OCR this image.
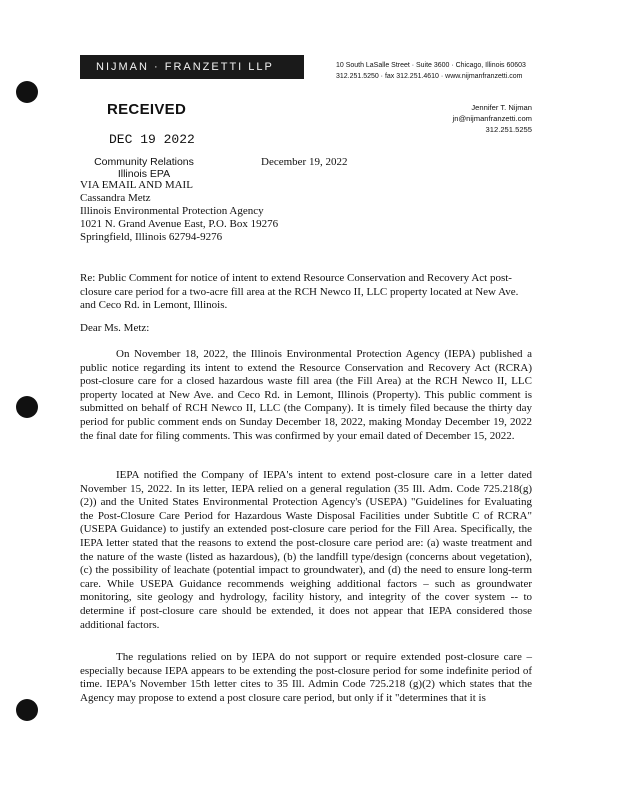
NIJMAN · FRANZETTI LLP	10 South LaSalle Street · Suite 3600 · Chicago, Illinois 60603
312.251.5250 · fax 312.251.4610 · www.nijmanfranzetti.com
Jennifer T. Nijman
jn@nijmanfranzetti.com
312.251.5255
RECEIVED
DEC 19 2022
Community Relations
Illinois EPA
December 19, 2022
VIA EMAIL AND MAIL
Cassandra Metz
Illinois Environmental Protection Agency
1021 N. Grand Avenue East, P.O. Box 19276
Springfield, Illinois 62794-9276

Re: Public Comment for notice of intent to extend Resource Conservation and Recovery Act post-closure care period for a two-acre fill area at the RCH Newco II, LLC property located at New Ave. and Ceco Rd. in Lemont, Illinois.

Dear Ms. Metz:

On November 18, 2022, the Illinois Environmental Protection Agency (IEPA) published a public notice regarding its intent to extend the Resource Conservation and Recovery Act (RCRA) post-closure care for a closed hazardous waste fill area (the Fill Area) at the RCH Newco II, LLC property located at New Ave. and Ceco Rd. in Lemont, Illinois (Property). This public comment is submitted on behalf of RCH Newco II, LLC (the Company). It is timely filed because the thirty day period for public comment ends on Sunday December 18, 2022, making Monday December 19, 2022 the final date for filing comments. This was confirmed by your email dated of December 15, 2022.

IEPA notified the Company of IEPA's intent to extend post-closure care in a letter dated November 15, 2022. In its letter, IEPA relied on a general regulation (35 Ill. Adm. Code 725.218(g)(2)) and the United States Environmental Protection Agency's (USEPA) "Guidelines for Evaluating the Post-Closure Care Period for Hazardous Waste Disposal Facilities under Subtitle C of RCRA" (USEPA Guidance) to justify an extended post-closure care period for the Fill Area. Specifically, the IEPA letter stated that the reasons to extend the post-closure care period are: (a) waste treatment and the nature of the waste (listed as hazardous), (b) the landfill type/design (concerns about vegetation), (c) the possibility of leachate (potential impact to groundwater), and (d) the need to ensure long-term care. While USEPA Guidance recommends weighing additional factors – such as groundwater monitoring, site geology and hydrology, facility history, and integrity of the cover system -- to determine if post-closure care should be extended, it does not appear that IEPA considered those additional factors.

The regulations relied on by IEPA do not support or require extended post-closure care – especially because IEPA appears to be extending the post-closure period for some indefinite period of time. IEPA's November 15th letter cites to 35 Ill. Admin Code 725.218 (g)(2) which states that the Agency may propose to extend a post closure care period, but only if it "determines that it is
